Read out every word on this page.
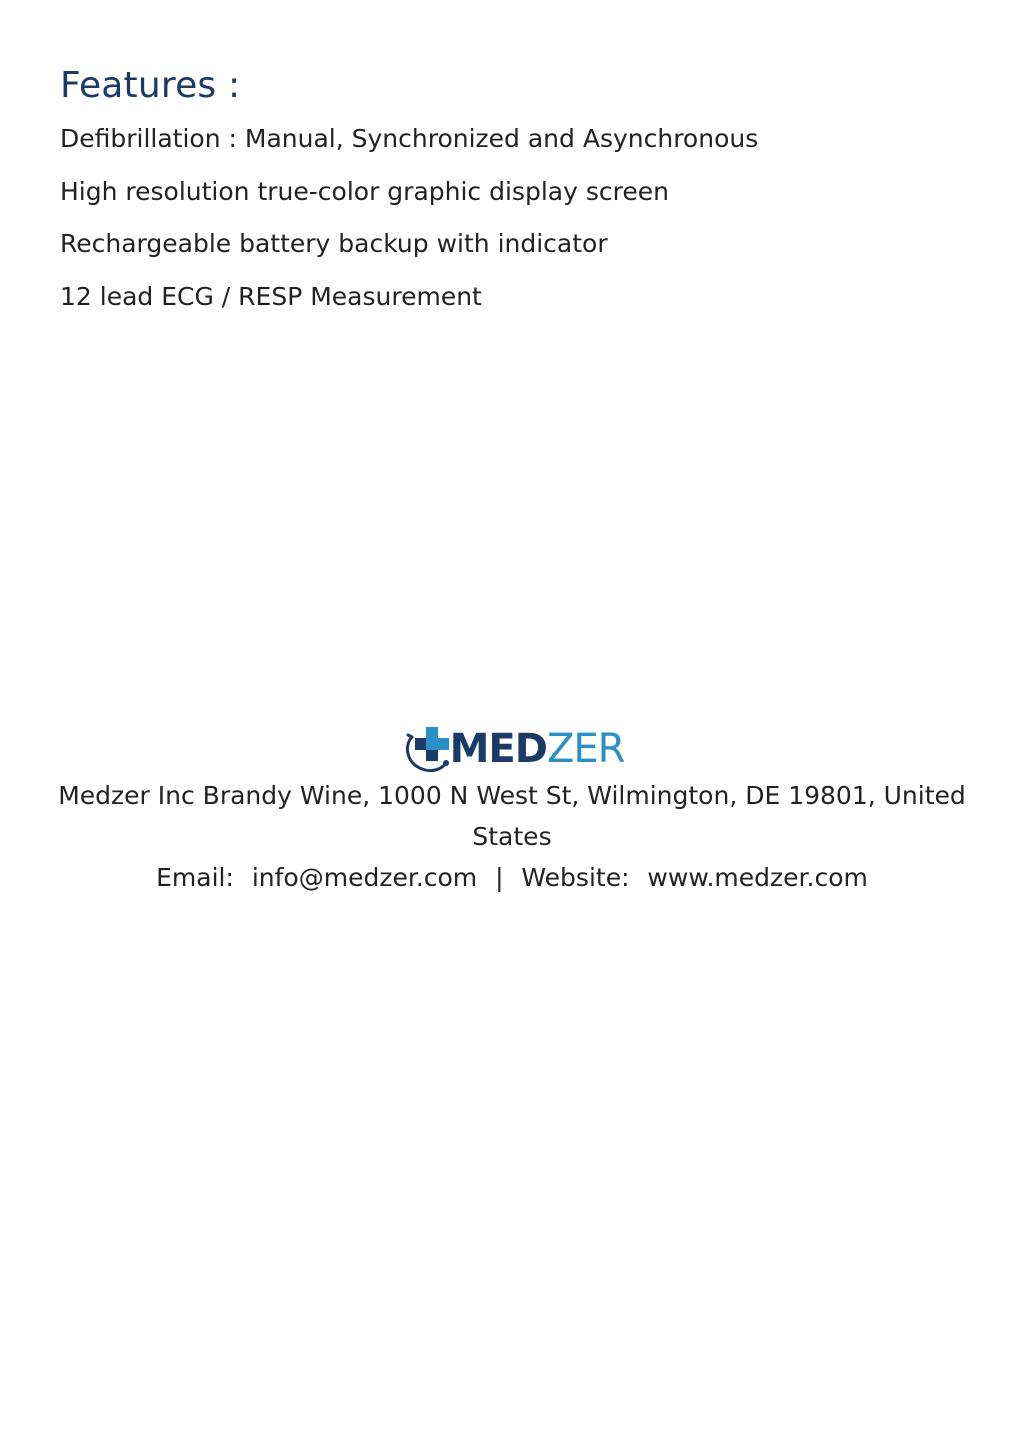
Features :
Defibrillation : Manual, Synchronized and Asynchronous
High resolution true-color graphic display screen
Rechargeable battery backup with indicator
12 lead ECG / RESP Measurement
MEDZER
Medzer Inc Brandy Wine, 1000 N West St, Wilmington, DE 19801, United States
Email: info@medzer.com | Website: www.medzer.com
